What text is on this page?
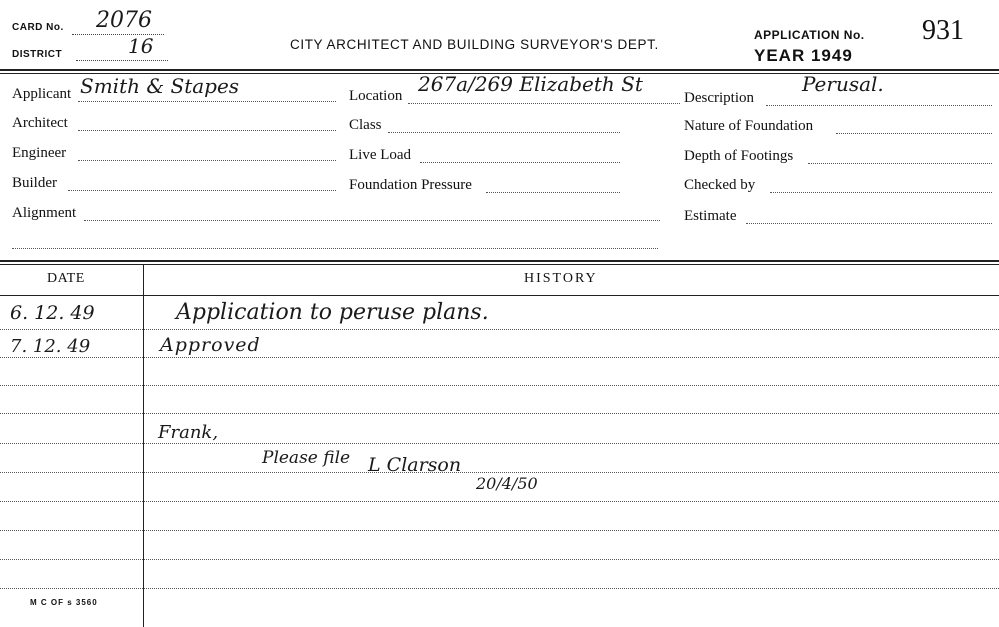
CARD No. 2076
DISTRICT	16	CITY ARCHITECT AND BUILDING SURVEYOR'S DEPT.
APPLICATION No. 931
YEAR 1949
Applicant Smith & Stapes
Architect
Engineer
Builder
Alignment
Location 267a/269 Elizabeth St
Class
Live Load
Foundation Pressure
Description
Perusal.
Nature of Foundation
Depth of Footings
Checked by
Estimate
DATE	HISTORY
6. 12. 49	Application to peruse plans.
7. 12. 49	Approved
Frank,
Please file L Clarson
20/4/50
M C OF s 3560
